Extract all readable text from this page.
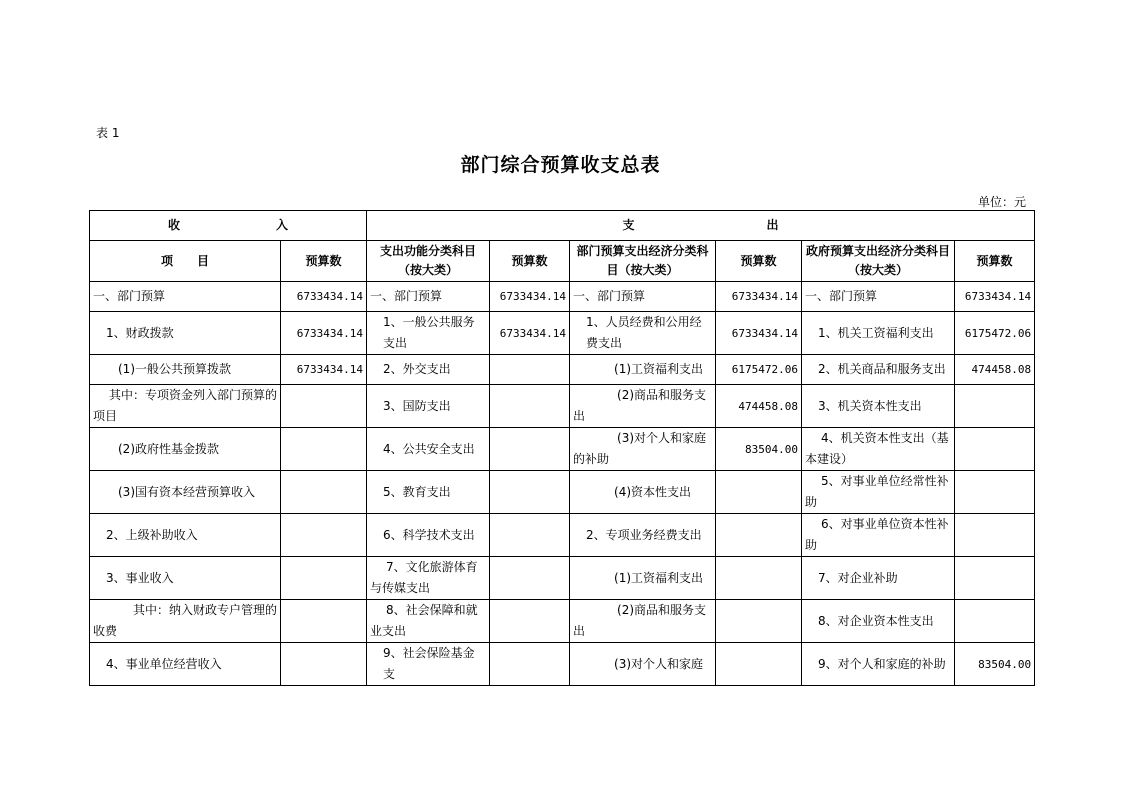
表 1
部门综合预算收支总表
单位：元
收　　　　　　　　入		支　　　　　　　　　　　出					
项　　目	预算数	支出功能分类科目（按大类）	预算数	部门预算支出经济分类科目（按大类）	预算数	政府预算支出经济分类科目（按大类）	预算数
一、部门预算	6733434.14	一、部门预算	6733434.14	一、部门预算	6733434.14	一、部门预算	6733434.14
1、财政拨款	6733434.14	1、一般公共服务支出	6733434.14	1、人员经费和公用经费支出	6733434.14	1、机关工资福利支出	6175472.06
(1)一般公共预算拨款	6733434.14	2、外交支出		(1)工资福利支出	6175472.06	2、机关商品和服务支出	474458.08
其中：专项资金列入部门预算的项目		3、国防支出		(2)商品和服务支出	474458.08	3、机关资本性支出	
(2)政府性基金拨款		4、公共安全支出		(3)对个人和家庭的补助	83504.00	4、机关资本性支出（基本建设）	
(3)国有资本经营预算收入		5、教育支出		(4)资本性支出		5、对事业单位经常性补助	
2、上级补助收入		6、科学技术支出		2、专项业务经费支出		6、对事业单位资本性补助	
3、事业收入		7、文化旅游体育与传媒支出		(1)工资福利支出		7、对企业补助	
其中：纳入财政专户管理的收费		8、社会保障和就业支出		(2)商品和服务支出		8、对企业资本性支出	
4、事业单位经营收入		9、社会保险基金支		(3)对个人和家庭		9、对个人和家庭的补助	83504.00
